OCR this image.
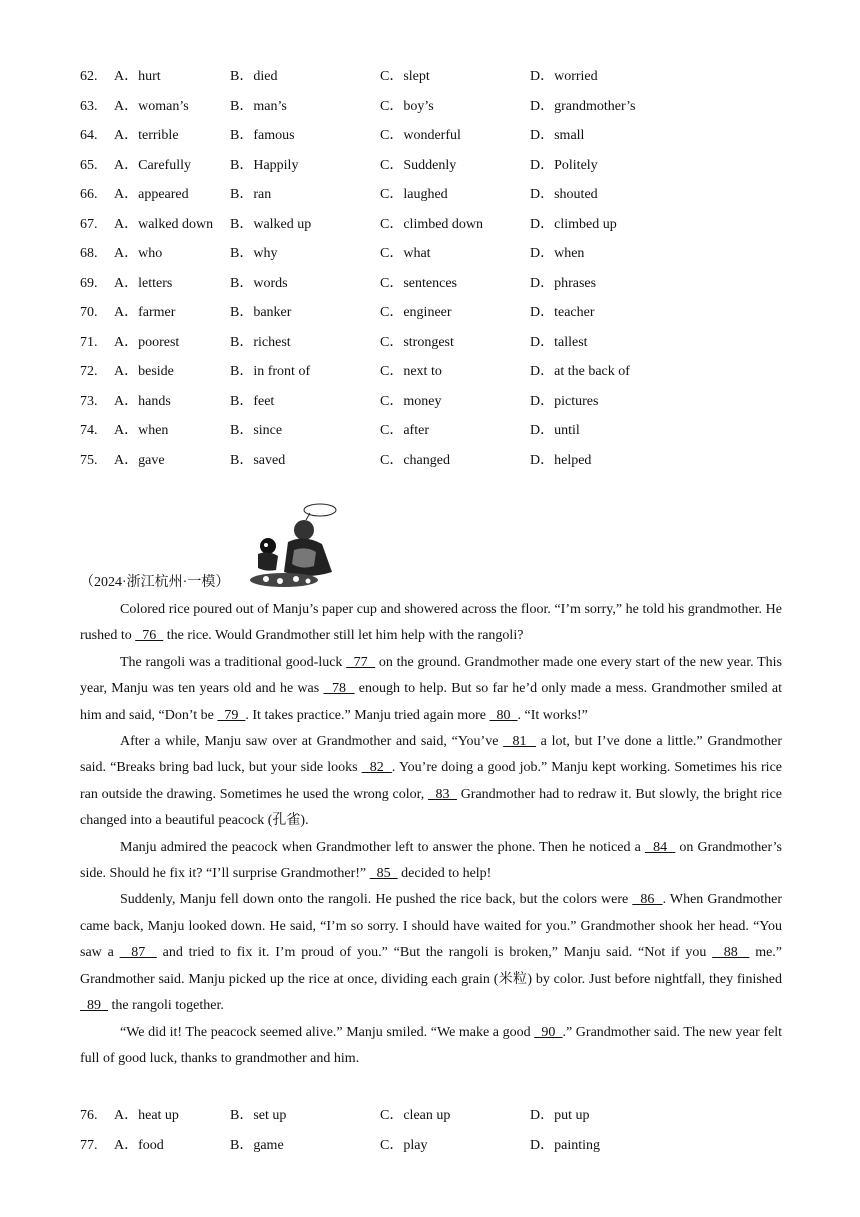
62. A．hurt	B．died	C．slept	D．worried
63. A．woman’s	B．man’s	C．boy’s	D．grandmother’s
64. A．terrible	B．famous	C．wonderful	D．small
65. A．Carefully	B．Happily	C．Suddenly	D．Politely
66. A．appeared	B．ran	C．laughed	D．shouted
67. A．walked down B．walked up	C．climbed down	D．climbed up
68. A．who	B．why	C．what	D．when
69. A．letters	B．words	C．sentences	D．phrases
70. A．farmer	B．banker	C．engineer	D．teacher
71. A．poorest	B．richest	C．strongest	D．tallest
72. A．beside	B．in front of	C．next to	D．at the back of
73. A．hands	B．feet	C．money	D．pictures
74. A．when	B．since	C．after	D．until
75. A．gave	B．saved	C．changed	D．helped
（2024·浙江杭州·一模）

Colored rice poured out of Manju’s paper cup and showered across the floor. “I’m sorry,” he told his grandmother. He rushed to   76   the rice. Would Grandmother still let him help with the rangoli?

The rangoli was a traditional good-luck   77   on the ground. Grandmother made one every start of the new year. This year, Manju was ten years old and he was   78   enough to help. But so far he’d only made a mess. Grandmother smiled at him and said, “Don’t be   79  . It takes practice.” Manju tried again more   80  . “It works!”

After a while, Manju saw over at Grandmother and said, “You’ve   81   a lot, but I’ve done a little.” Grandmother said. “Breaks bring bad luck, but your side looks   82  . You’re doing a good job.” Manju kept working. Sometimes his rice ran outside the drawing. Sometimes he used the wrong color,   83   Grandmother had to redraw it. But slowly, the bright rice changed into a beautiful peacock (孔雀).

Manju admired the peacock when Grandmother left to answer the phone. Then he noticed a   84   on Grandmother’s side. Should he fix it? “I’ll surprise Grandmother!”   85   decided to help!

Suddenly, Manju fell down onto the rangoli. He pushed the rice back, but the colors were   86  . When Grandmother came back, Manju looked down. He said, “I’m so sorry. I should have waited for you.” Grandmother shook her head. “You saw a   87   and tried to fix it. I’m proud of you.” “But the rangoli is broken,” Manju said. “Not if you   88   me.” Grandmother said. Manju picked up the rice at once, dividing each grain (米粒) by color. Just before nightfall, they finished   89   the rangoli together.

“We did it! The peacock seemed alive.” Manju smiled. “We make a good   90  .” Grandmother said. The new year felt full of good luck, thanks to grandmother and him.

76. A．heat up	B．set up	C．clean up	D．put up
77. A．food	B．game	C．play	D．painting
